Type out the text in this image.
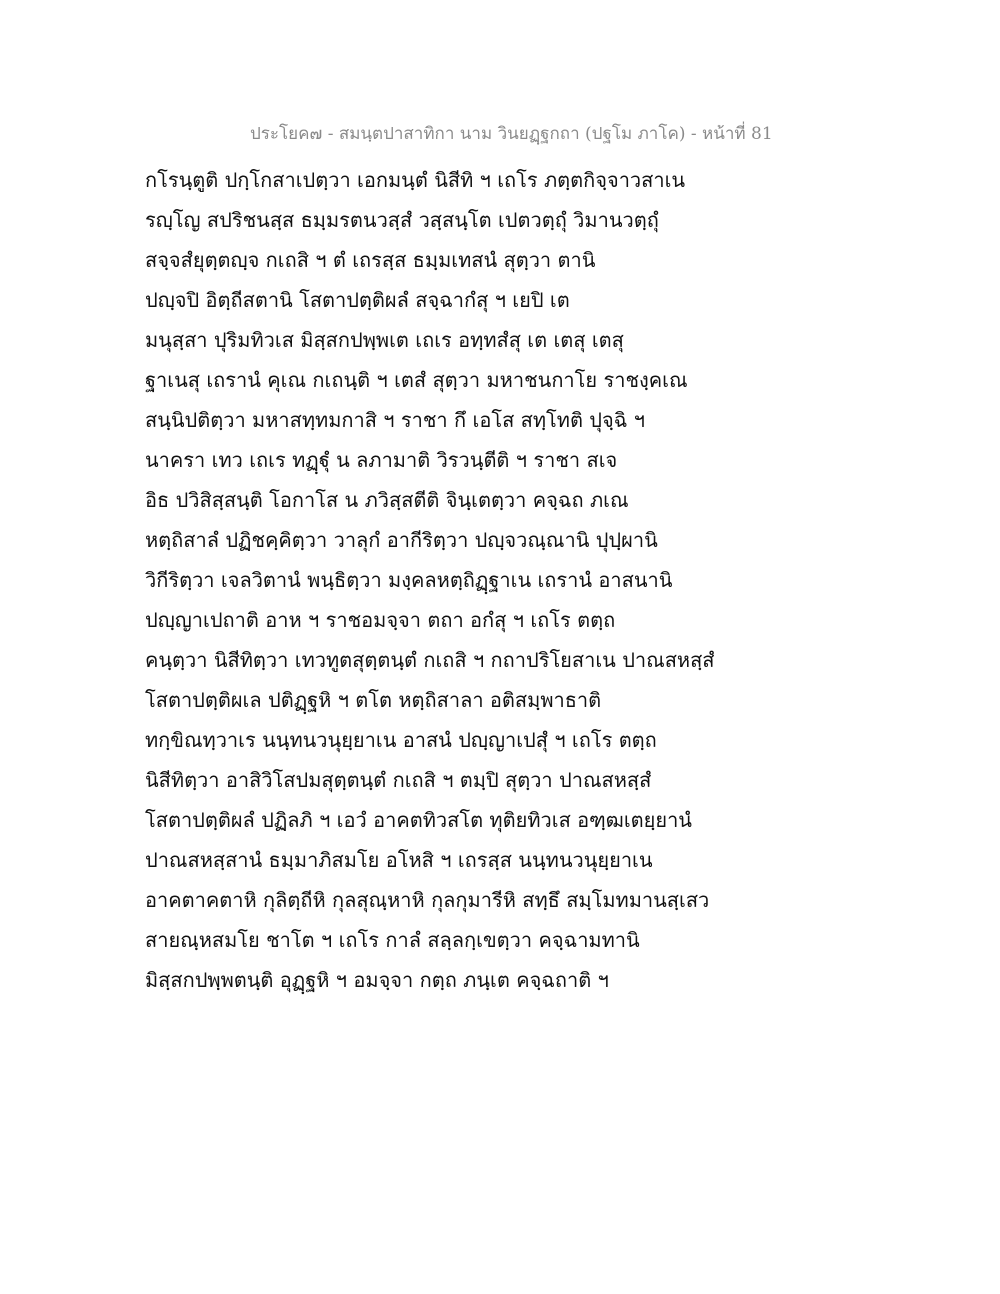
ประโยค๗ - สมนฺตปาสาทิกา นาม วินยฏฺฐกถา (ปฐโม ภาโค) - หน้าที่ 81
กโรนฺตูติ ปกฺโกสาเปตฺวา เอกมนฺตํ นิสีทิ ฯ เถโร ภตฺตกิจฺจาวสาเน
รญฺโญ สปริชนสฺส ธมฺมรตนวสฺสํ วสฺสนฺโต เปตวตฺถุํ วิมานวตฺถุํ
สจฺจสํยุตฺตญฺจ กเถสิ ฯ ตํ เถรสฺส ธมฺมเทสนํ สุตฺวา ตานิ
ปญฺจปิ อิตฺถีสตานิ โสตาปตฺติผลํ สจฺฉากํสุ ฯ เยปิ เต
มนุสฺสา ปุริมทิวเส มิสฺสกปพฺพเต เถเร อทฺทสํสุ เต เตสุ เตสุ
ฐาเนสุ เถรานํ คุเณ กเถนฺติ ฯ เตสํ สุตฺวา มหาชนกาโย ราชงฺคเณ
สนฺนิปติตฺวา มหาสทฺทมกาสิ ฯ ราชา กึ เอโส สทฺโทติ ปุจฺฉิ ฯ
นาครา เทว เถเร ทฏฺฐุํ น ลภามาติ วิรวนฺตีติ ฯ ราชา สเจ
อิธ ปวิสิสฺสนฺติ โอกาโส น ภวิสฺสตีติ จินฺเตตฺวา คจฺฉถ ภเณ
หตฺถิสาลํ ปฏิชคฺคิตฺวา วาลุกํ อากีริตฺวา ปญฺจวณฺณานิ ปุปฺผานิ
วิกีริตฺวา เจลวิตานํ พนฺธิตฺวา มงฺคลหตฺถิฏฺฐาเน เถรานํ อาสนานิ
ปญฺญาเปถาติ อาห ฯ ราชอมจฺจา ตถา อกํสุ ฯ เถโร ตตฺถ
คนฺตฺวา นิสีทิตฺวา เทวทูตสุตฺตนฺตํ กเถสิ ฯ กถาปริโยสาเน ปาณสหสฺสํ
โสตาปตฺติผเล ปติฏฺฐหิ ฯ ตโต หตฺถิสาลา อติสมฺพาธาติ
ทกฺขิณทฺวาเร นนฺทนวนุยฺยาเน อาสนํ ปญฺญาเปสุํ ฯ เถโร ตตฺถ
นิสีทิตฺวา อาสิวิโสปมสุตฺตนฺตํ กเถสิ ฯ ตมฺปิ สุตฺวา ปาณสหสฺสํ
โสตาปตฺติผลํ ปฏิลภิ ฯ เอวํ อาคตทิวสโต ทุติยทิวเส อฑฺฒเตยฺยานํ
ปาณสหสฺสานํ ธมฺมาภิสมโย อโหสิ ฯ เถรสฺส นนฺทนวนุยฺยาเน
อาคตาคตาหิ กุลิตฺถีหิ กุลสุณฺหาหิ กุลกุมารีหิ สทฺธึ สมฺโมทมานสฺเสว
สายณฺหสมโย ชาโต ฯ เถโร กาลํ สลฺลกฺเขตฺวา คจฺฉามทานิ
มิสฺสกปพฺพตนฺติ อุฏฺฐหิ ฯ อมจฺจา กตฺถ ภนฺเต คจฺฉถาติ ฯ
